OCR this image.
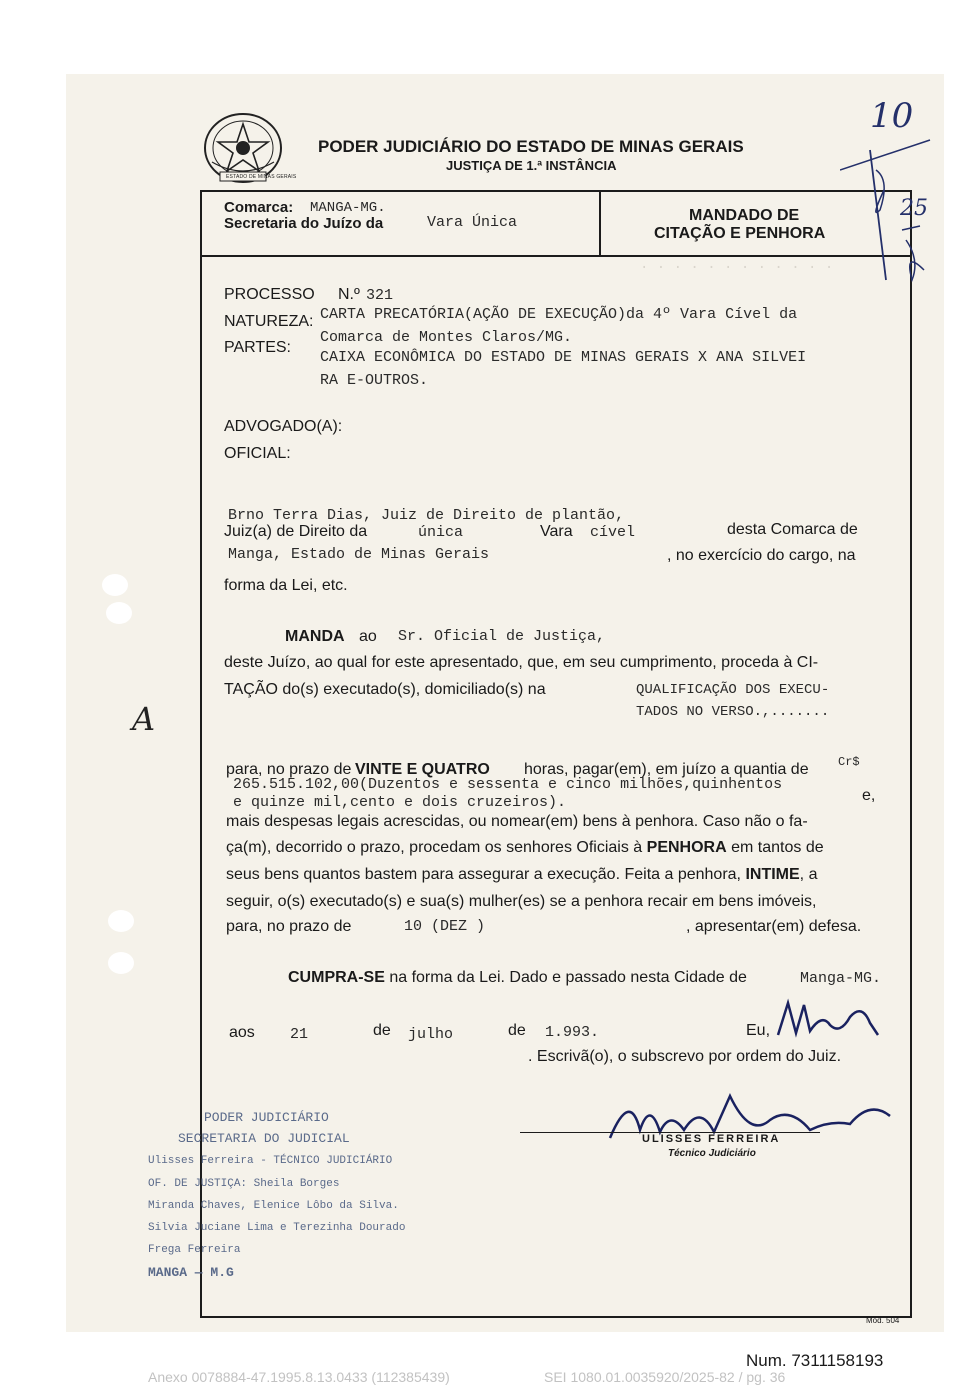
· · · · · · · · · · · ·
ESTADO DE MINAS GERAIS
PODER JUDICIÁRIO DO ESTADO DE MINAS GERAIS
JUSTIÇA DE 1.ª INSTÂNCIA
Comarca: MANGA-MG.
Secretaria do Juízo da	Vara Única	MANDADO DE
CITAÇÃO E PENHORA
PROCESSO N.º 321
NATUREZA: CARTA PRECATÓRIA(AÇÃO DE EXECUÇÃO)da 4º Vara Cível da
Comarca de Montes Claros/MG.
PARTES:
CAIXA ECONÔMICA DO ESTADO DE MINAS GERAIS X ANA SILVEI
RA E-OUTROS.
ADVOGADO(A):
OFICIAL:
Brno Terra Dias, Juiz de Direito de plantão,
Juiz(a) de Direito da	única	Vara cível	desta Comarca de
Manga, Estado de Minas Gerais	, no exercício do cargo, na
forma da Lei, etc.
MANDA ao Sr. Oficial de Justiça,
deste Juízo, ao qual for este apresentado, que, em seu cumprimento, proceda à CI-
TAÇÃO do(s) executado(s), domiciliado(s) na	QUALIFICAÇÃO DOS EXECU-
TADOS NO VERSO.,.......
para, no prazo de VINTE E QUATRO horas, pagar(em), em juízo a quantia de Cr$
265.515.102,00(Duzentos e sessenta e cinco milhões,quinhentos
e quinze mil,cento e dois cruzeiros).	e,
mais despesas legais acrescidas, ou nomear(em) bens à penhora. Caso não o fa-
ça(m), decorrido o prazo, procedam os senhores Oficiais à PENHORA em tantos de
seus bens quantos bastem para assegurar a execução. Feita a penhora, INTIME, a
seguir, o(s) executado(s) e sua(s) mulher(es) se a penhora recair em bens imóveis,
para, no prazo de	10 (DEZ )	, apresentar(em) defesa.
CUMPRA-SE na forma da Lei. Dado e passado nesta Cidade de	Manga-MG.
aos 21	de julho	de 1.993.	Eu,
. Escrivã(o), o subscrevo por ordem do Juiz.
ULISSES FERREIRA
Técnico Judiciário
PODER JUDICIÁRIO
SECRETARIA DO JUDICIAL
Ulisses Ferreira - TÉCNICO JUDICIÁRIO
OF. DE JUSTIÇA: Sheila Borges
Miranda Chaves, Elenice Lôbo da Silva.
Silvia Juciane Lima e Terezinha Dourado
Frega Ferreira
MANGA — M.G
10
25
A
Mod. 504
Num. 7311158193
Anexo 0078884-47.1995.8.13.0433 (112385439)	SEI 1080.01.0035920/2025-82 / pg. 36
